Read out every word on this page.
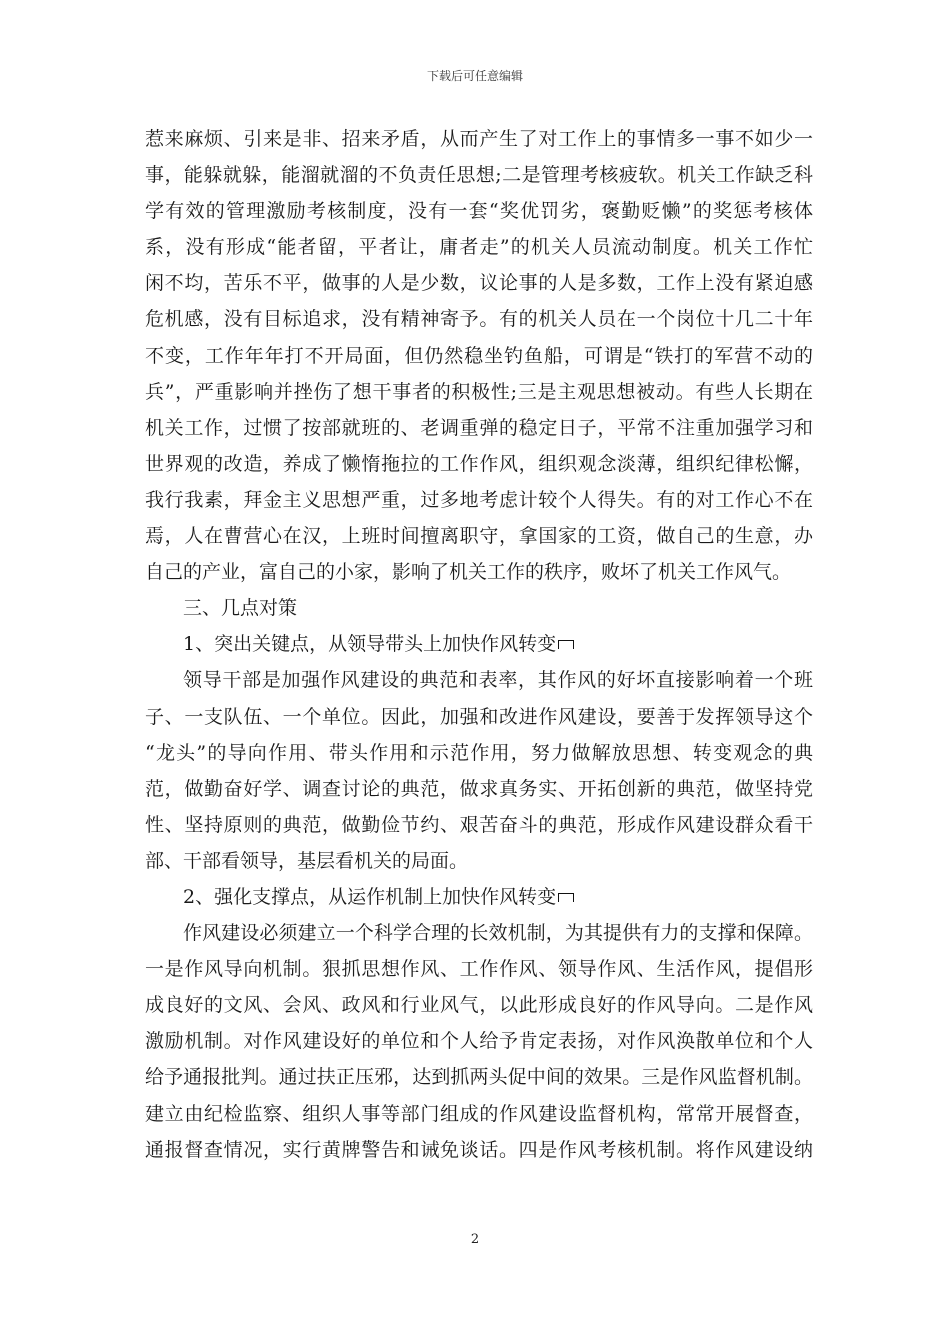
下载后可任意编辑
惹来麻烦、引来是非、招来矛盾，从而产生了对工作上的事情多一事不如少一
事，能躲就躲，能溜就溜的不负责任思想;二是管理考核疲软。机关工作缺乏科
学有效的管理激励考核制度，没有一套“奖优罚劣，褒勤贬懒”的奖惩考核体
系，没有形成“能者留，平者让，庸者走”的机关人员流动制度。机关工作忙
闲不均，苦乐不平，做事的人是少数，议论事的人是多数，工作上没有紧迫感
危机感，没有目标追求，没有精神寄予。有的机关人员在一个岗位十几二十年
不变，工作年年打不开局面，但仍然稳坐钓鱼船，可谓是“铁打的军营不动的
兵”，严重影响并挫伤了想干事者的积极性;三是主观思想被动。有些人长期在
机关工作，过惯了按部就班的、老调重弹的稳定日子，平常不注重加强学习和
世界观的改造，养成了懒惰拖拉的工作作风，组织观念淡薄，组织纪律松懈，
我行我素，拜金主义思想严重，过多地考虑计较个人得失。有的对工作心不在
焉，人在曹营心在汉，上班时间擅离职守，拿国家的工资，做自己的生意，办
自己的产业，富自己的小家，影响了机关工作的秩序，败坏了机关工作风气。
三、几点对策
1、突出关键点，从领导带头上加快作风转变
领导干部是加强作风建设的典范和表率，其作风的好坏直接影响着一个班
子、一支队伍、一个单位。因此，加强和改进作风建设，要善于发挥领导这个
“龙头”的导向作用、带头作用和示范作用，努力做解放思想、转变观念的典
范，做勤奋好学、调查讨论的典范，做求真务实、开拓创新的典范，做坚持党
性、坚持原则的典范，做勤俭节约、艰苦奋斗的典范，形成作风建设群众看干
部、干部看领导，基层看机关的局面。
2、强化支撑点，从运作机制上加快作风转变
作风建设必须建立一个科学合理的长效机制，为其提供有力的支撑和保障。
一是作风导向机制。狠抓思想作风、工作作风、领导作风、生活作风，提倡形
成良好的文风、会风、政风和行业风气，以此形成良好的作风导向。二是作风
激励机制。对作风建设好的单位和个人给予肯定表扬，对作风涣散单位和个人
给予通报批判。通过扶正压邪，达到抓两头促中间的效果。三是作风监督机制。
建立由纪检监察、组织人事等部门组成的作风建设监督机构，常常开展督查，
通报督查情况，实行黄牌警告和诫免谈话。四是作风考核机制。将作风建设纳
2
